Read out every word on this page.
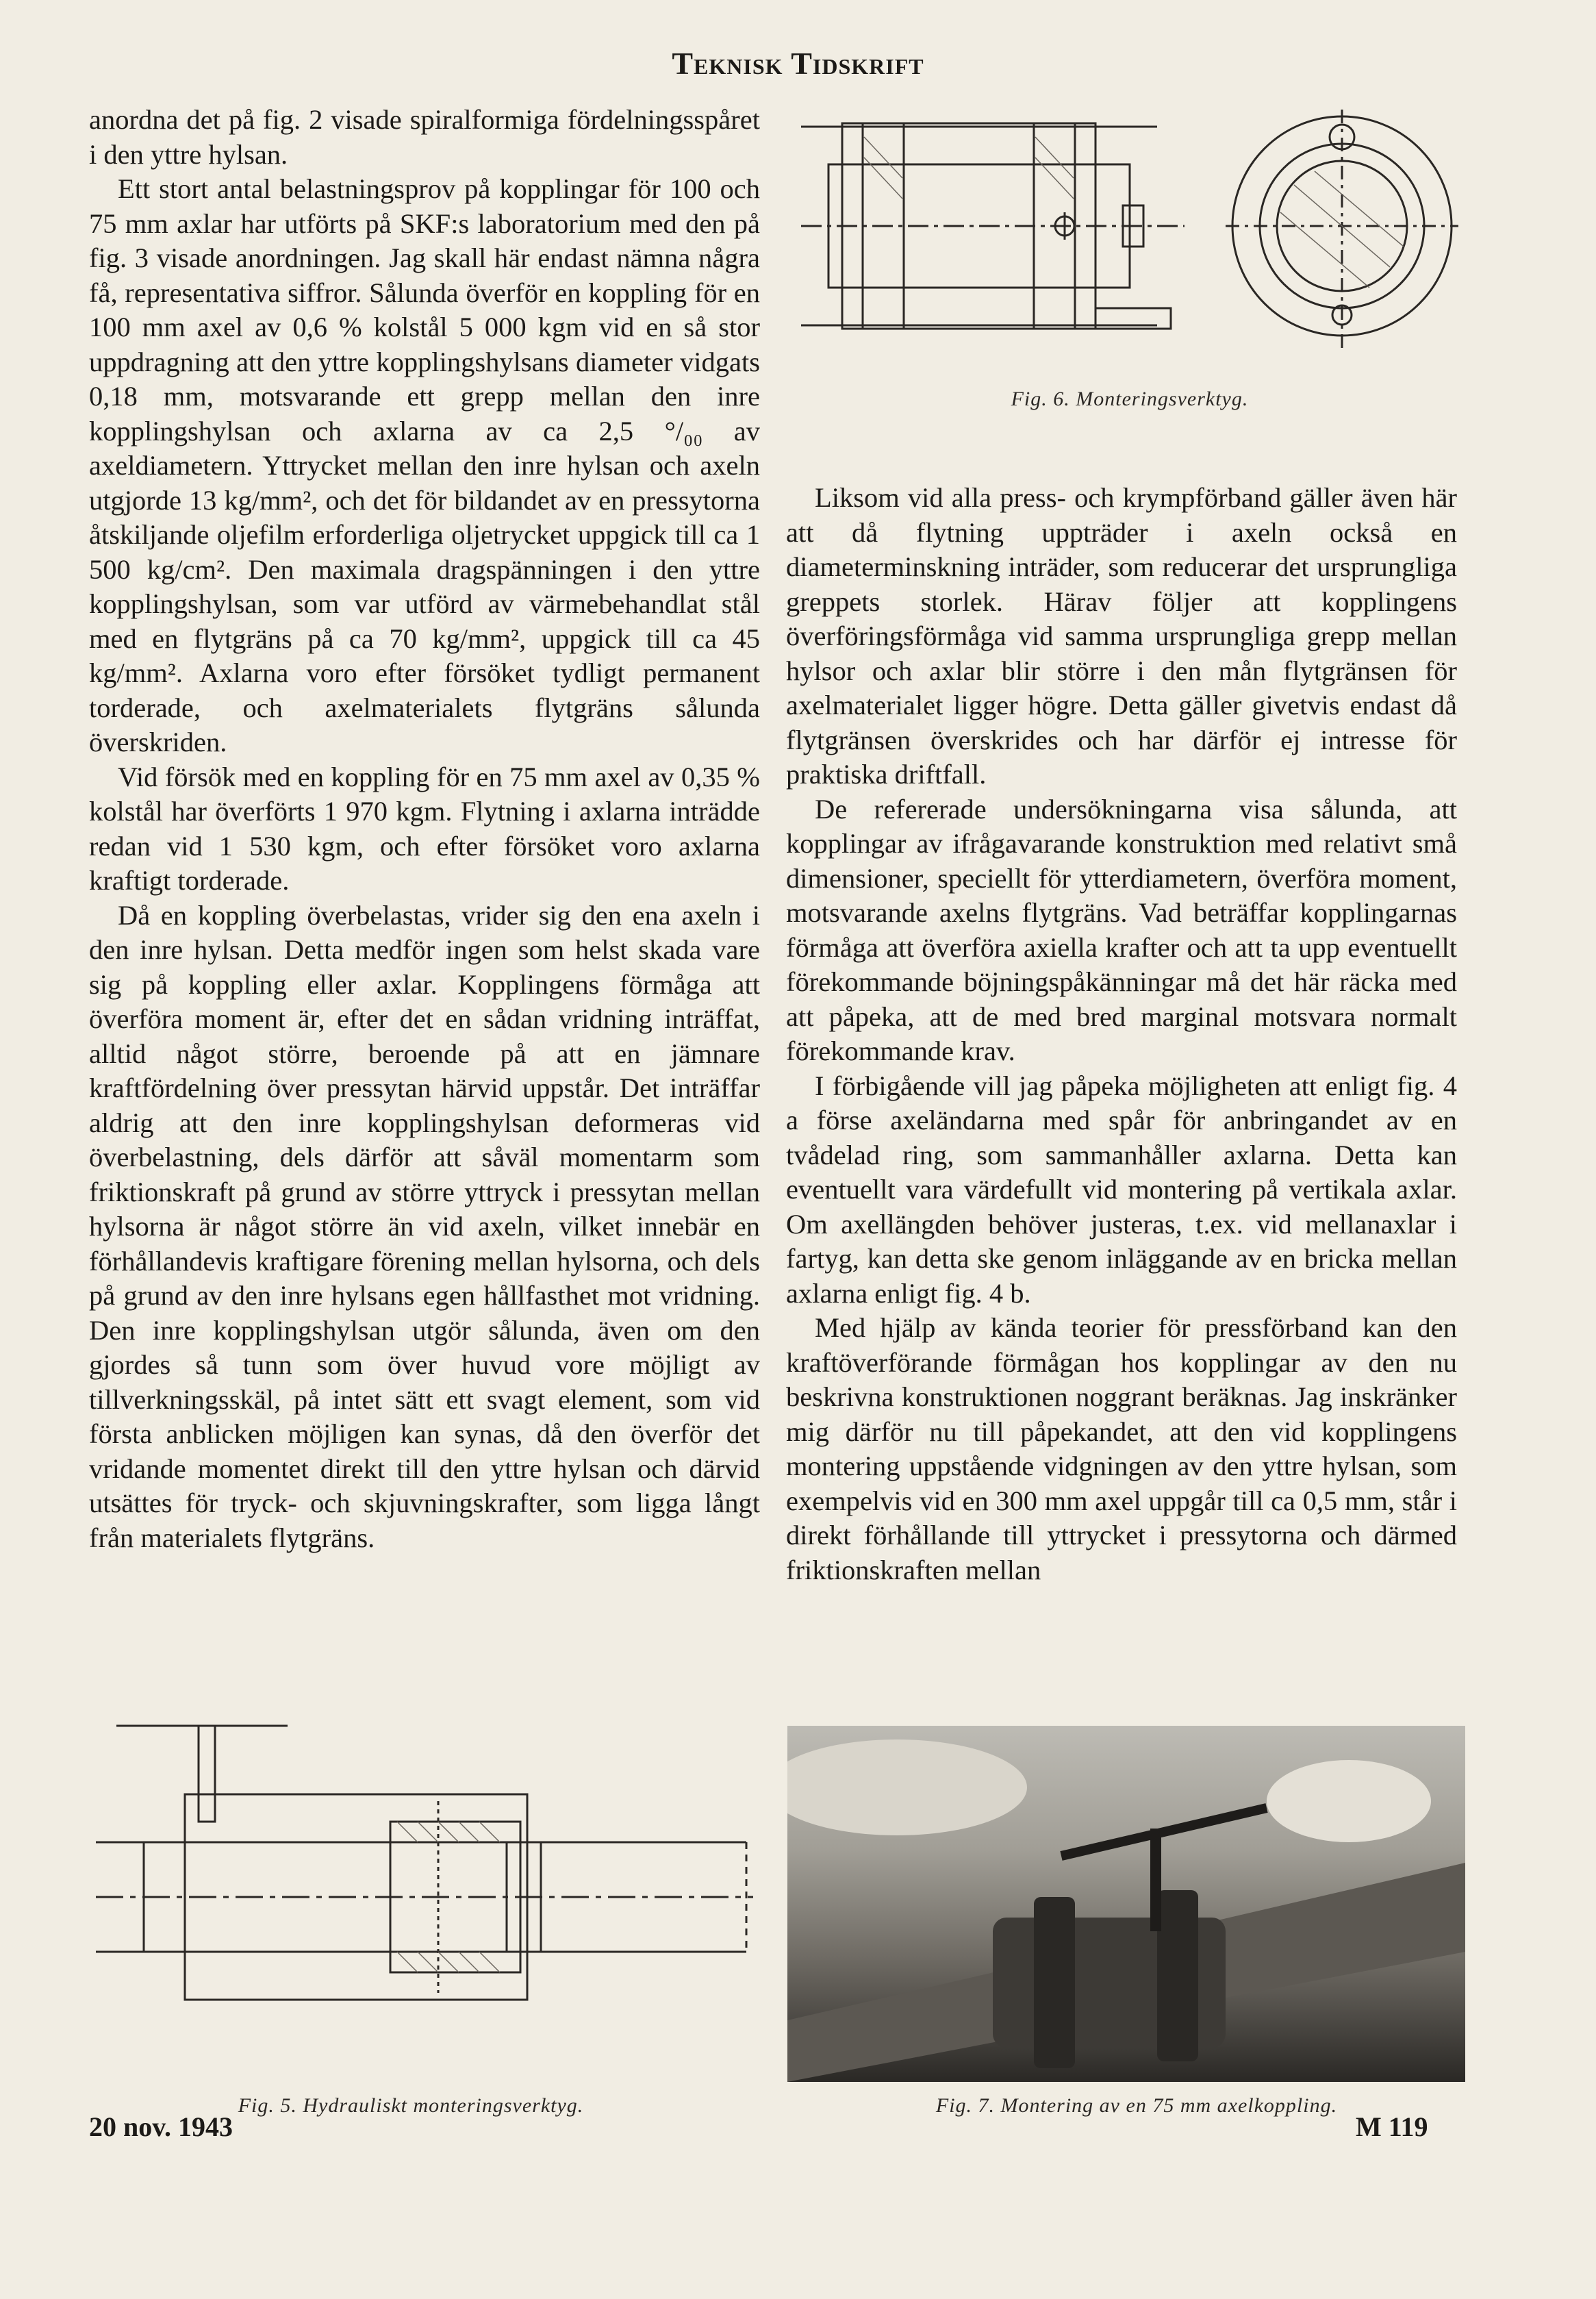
Teknisk Tidskrift

anordna det på fig. 2 visade spiralformiga fördelningsspåret i den yttre hylsan.

Ett stort antal belastningsprov på kopplingar för 100 och 75 mm axlar har utförts på SKF:s laboratorium med den på fig. 3 visade anordningen. Jag skall här endast nämna några få, representativa siffror. Sålunda överför en koppling för en 100 mm axel av 0,6 % kolstål 5 000 kgm vid en så stor uppdragning att den yttre kopplingshylsans diameter vidgats 0,18 mm, motsvarande ett grepp mellan den inre kopplingshylsan och axlarna av ca 2,5 °/₀₀ av axeldiametern. Yttrycket mellan den inre hylsan och axeln utgjorde 13 kg/mm², och det för bildandet av en pressytorna åtskiljande oljefilm erforderliga oljetrycket uppgick till ca 1 500 kg/cm². Den maximala dragspänningen i den yttre kopplingshylsan, som var utförd av värmebehandlat stål med en flytgräns på ca 70 kg/mm², uppgick till ca 45 kg/mm². Axlarna voro efter försöket tydligt permanent torderade, och axelmaterialets flytgräns sålunda överskriden.

Vid försök med en koppling för en 75 mm axel av 0,35 % kolstål har överförts 1 970 kgm. Flytning i axlarna inträdde redan vid 1 530 kgm, och efter försöket voro axlarna kraftigt torderade.

Då en koppling överbelastas, vrider sig den ena axeln i den inre hylsan. Detta medför ingen som helst skada vare sig på koppling eller axlar. Kopplingens förmåga att överföra moment är, efter det en sådan vridning inträffat, alltid något större, beroende på att en jämnare kraftfördelning över pressytan härvid uppstår. Det inträffar aldrig att den inre kopplingshylsan deformeras vid överbelastning, dels därför att såväl momentarm som friktionskraft på grund av större yttryck i pressytan mellan hylsorna är något större än vid axeln, vilket innebär en förhållandevis kraftigare förening mellan hylsorna, och dels på grund av den inre hylsans egen hållfasthet mot vridning. Den inre kopplingshylsan utgör sålunda, även om den gjordes så tunn som över huvud vore möjligt av tillverkningsskäl, på intet sätt ett svagt element, som vid första anblicken möjligen kan synas, då den överför det vridande momentet direkt till den yttre hylsan och därvid utsättes för tryck- och skjuvningskrafter, som ligga långt från materialets flytgräns.

Liksom vid alla press- och krympförband gäller även här att då flytning uppträder i axeln också en diameterminskning inträder, som reducerar det ursprungliga greppets storlek. Härav följer att kopplingens överföringsförmåga vid samma ursprungliga grepp mellan hylsor och axlar blir större i den mån flytgränsen för axelmaterialet ligger högre. Detta gäller givetvis endast då flytgränsen överskrides och har därför ej intresse för praktiska driftfall.

De refererade undersökningarna visa sålunda, att kopplingar av ifrågavarande konstruktion med relativt små dimensioner, speciellt för ytterdiametern, överföra moment, motsvarande axelns flytgräns. Vad beträffar kopplingarnas förmåga att överföra axiella krafter och att ta upp eventuellt förekommande böjningspåkänningar må det här räcka med att påpeka, att de med bred marginal motsvara normalt förekommande krav.

I förbigående vill jag påpeka möjligheten att enligt fig. 4 a förse axeländarna med spår för anbringandet av en tvådelad ring, som sammanhåller axlarna. Detta kan eventuellt vara värdefullt vid montering på vertikala axlar. Om axellängden behöver justeras, t.ex. vid mellanaxlar i fartyg, kan detta ske genom inläggande av en bricka mellan axlarna enligt fig. 4 b.

Med hjälp av kända teorier för pressförband kan den kraftöverförande förmågan hos kopplingar av den nu beskrivna konstruktionen noggrant beräknas. Jag inskränker mig därför nu till påpekandet, att den vid kopplingens montering uppstående vidgningen av den yttre hylsan, som exempelvis vid en 300 mm axel uppgår till ca 0,5 mm, står i direkt förhållande till yttrycket i pressytorna och därmed friktionskraften mellan

Fig. 6. Monteringsverktyg.
Fig. 5. Hydrauliskt monteringsverktyg.	Fig. 7. Montering av en 75 mm axelkoppling.
20 nov. 1943	M 119
